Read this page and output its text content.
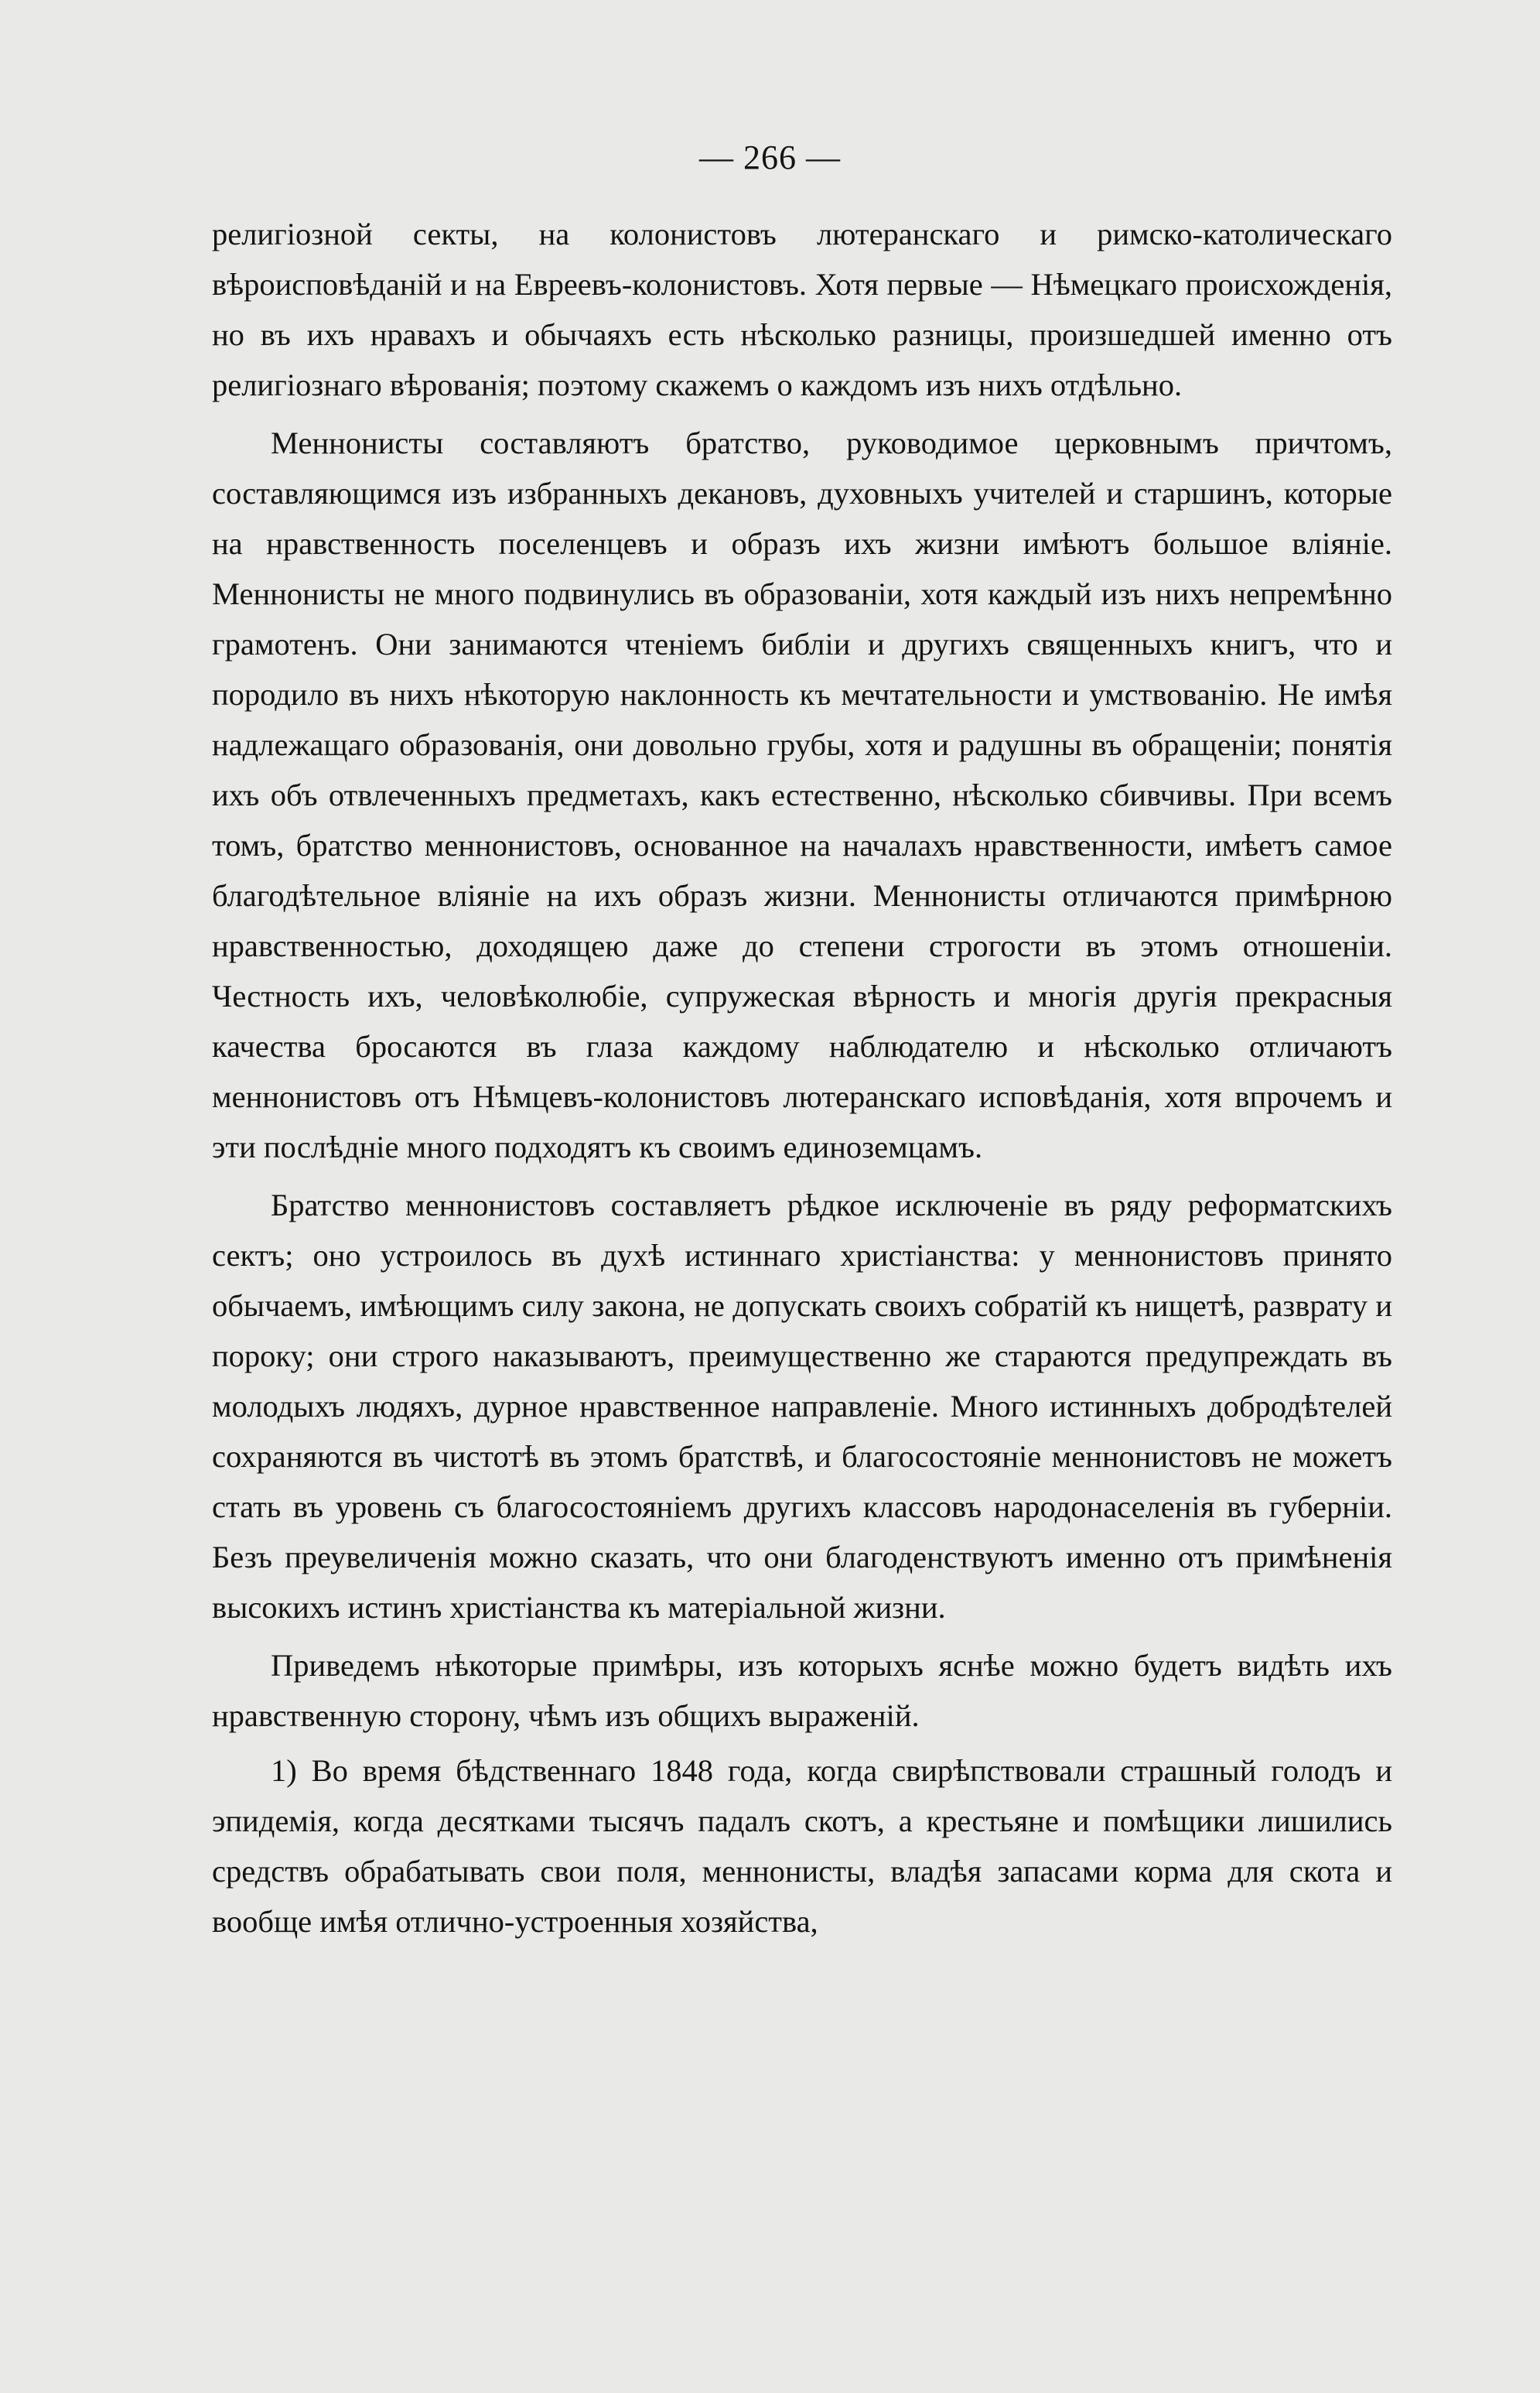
— 266 —

религiозной секты, на колонистовъ лютеранскаго и римско-католическаго вѣроисповѣданiй и на Евреевъ-колонистовъ. Хотя первые — Нѣмецкаго происхожденiя, но въ ихъ нравахъ и обычаяхъ есть нѣсколько разницы, произшедшей именно отъ религiознаго вѣрованiя; поэтому скажемъ о каждомъ изъ нихъ отдѣльно.

Меннонисты составляютъ братство, руководимое церковнымъ причтомъ, составляющимся изъ избранныхъ декановъ, духовныхъ учителей и старшинъ, которые на нравственность поселенцевъ и образъ ихъ жизни имѣютъ большое влiянiе. Меннонисты не много подвинулись въ образованiи, хотя каждый изъ нихъ непремѣнно грамотенъ. Они занимаются чтенiемъ библiи и другихъ священныхъ книгъ, что и породило въ нихъ нѣкоторую наклонность къ мечтательности и умствованiю. Не имѣя надлежащаго образованiя, они довольно грубы, хотя и радушны въ обращенiи; понятiя ихъ объ отвлеченныхъ предметахъ, какъ естественно, нѣсколько сбивчивы. При всемъ томъ, братство меннонистовъ, основанное на началахъ нравственности, имѣетъ самое благодѣтельное влiянiе на ихъ образъ жизни. Меннонисты отличаются примѣрною нравственностью, доходящею даже до степени строгости въ этомъ отношенiи. Честность ихъ, человѣколюбiе, супружеская вѣрность и многiя другiя прекрасныя качества бросаются въ глаза каждому наблюдателю и нѣсколько отличаютъ меннонистовъ отъ Нѣмцевъ-колонистовъ лютеранскаго исповѣданiя, хотя впрочемъ и эти послѣднiе много подходятъ къ своимъ единоземцамъ.

Братство меннонистовъ составляетъ рѣдкое исключенiе въ ряду реформатскихъ сектъ; оно устроилось въ духѣ истиннаго христiанства: у меннонистовъ принято обычаемъ, имѣющимъ силу закона, не допускать своихъ собратiй къ нищетѣ, разврату и пороку; они строго наказываютъ, преимущественно же стараются предупреждать въ молодыхъ людяхъ, дурное нравственное направленiе. Много истинныхъ добродѣтелей сохраняются въ чистотѣ въ этомъ братствѣ, и благосостоянiе меннонистовъ не можетъ стать въ уровень съ благосостоянiемъ другихъ классовъ народонаселенiя въ губернiи. Безъ преувеличенiя можно сказать, что они благоденствуютъ именно отъ примѣненiя высокихъ истинъ христiанства къ матерiальной жизни.

Приведемъ нѣкоторые примѣры, изъ которыхъ яснѣе можно будетъ видѣть ихъ нравственную сторону, чѣмъ изъ общихъ выраженiй.

1) Во время бѣдственнаго 1848 года, когда свирѣпствовали страшный голодъ и эпидемiя, когда десятками тысячъ падалъ скотъ, а крестьяне и помѣщики лишились средствъ обрабатывать свои поля, меннонисты, владѣя запасами корма для скота и вообще имѣя отлично-устроенныя хозяйства,
